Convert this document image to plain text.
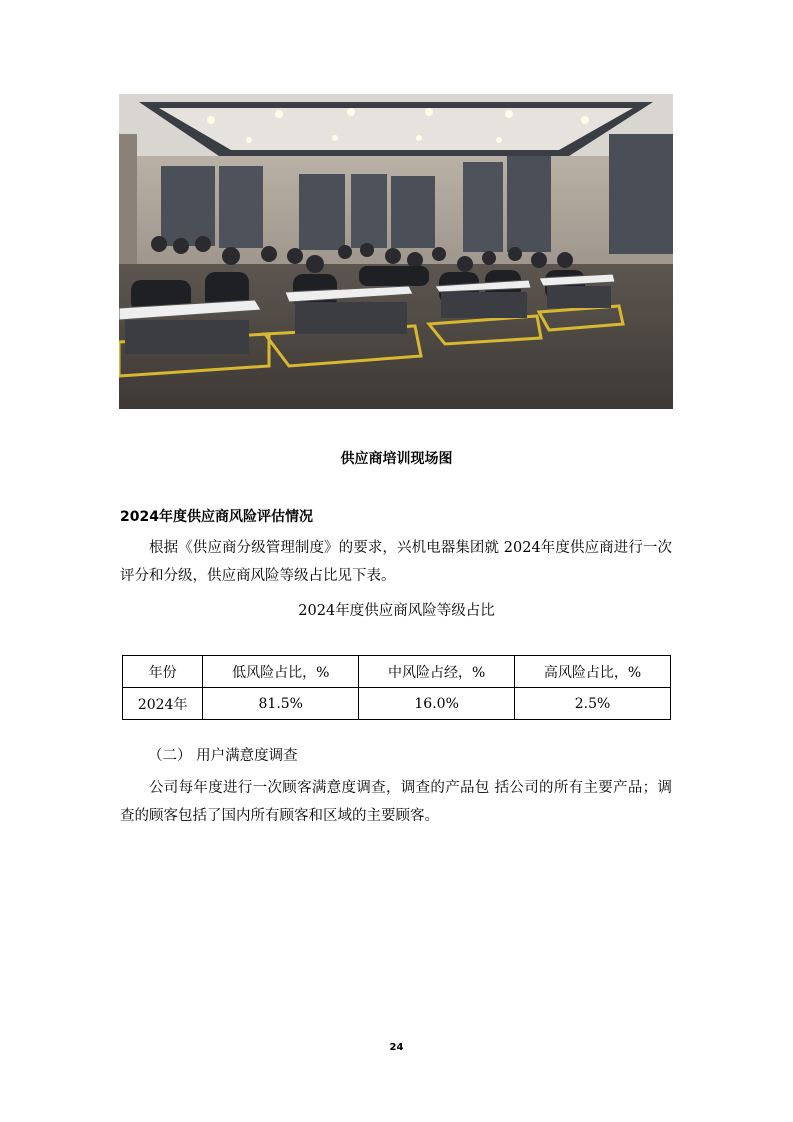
供应商培训现场图
2024年度供应商风险评估情况
根据《供应商分级管理制度》的要求，兴机电器集团就 2024年度供应商进行一次评分和分级，供应商风险等级占比见下表。
2024年度供应商风险等级占比
年份	低风险占比，%	中风险占经，%	高风险占比，%
2024年	81.5%	16.0%	2.5%
（二） 用户满意度调查
公司每年度进行一次顾客满意度调查，调查的产品包 括公司的所有主要产品；调查的顾客包括了国内所有顾客和区域的主要顾客。
24
